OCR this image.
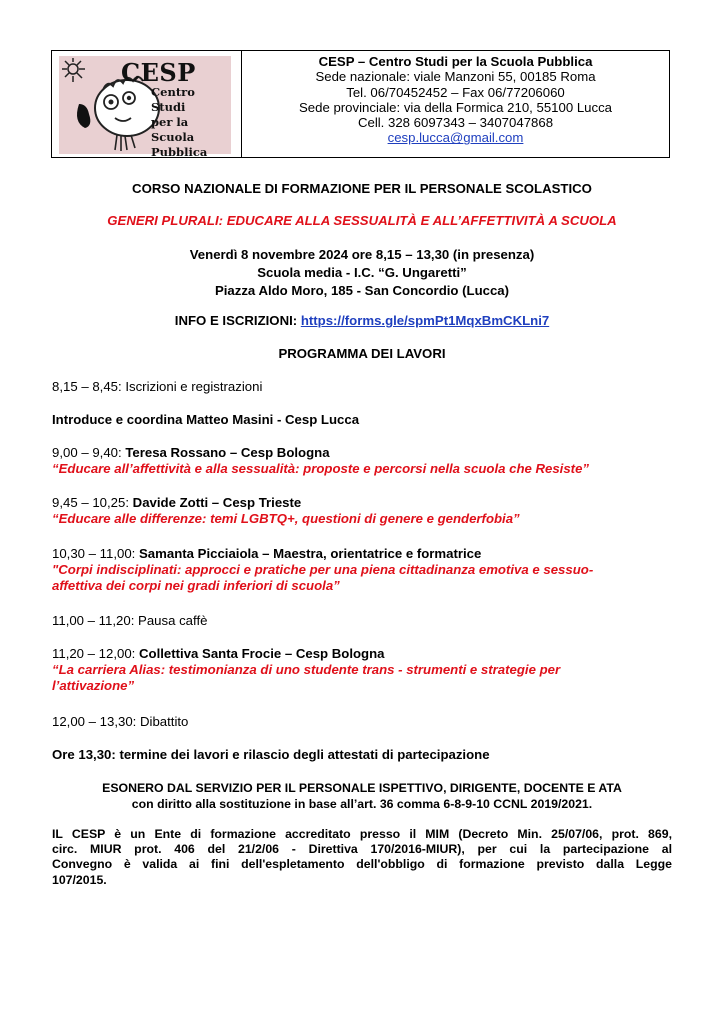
CESP
Centro Studi
per la
Scuola
Pubblica
CESP – Centro Studi per la Scuola Pubblica
Sede nazionale: viale Manzoni 55, 00185 Roma
Tel. 06/70452452 – Fax 06/77206060
Sede provinciale: via della Formica 210, 55100 Lucca
Cell. 328 6097343 – 3407047868
cesp.lucca@gmail.com
CORSO NAZIONALE DI FORMAZIONE PER IL PERSONALE SCOLASTICO
GENERI PLURALI: EDUCARE ALLA SESSUALITÀ E ALL’AFFETTIVITÀ A SCUOLA
Venerdì 8 novembre 2024 ore 8,15 – 13,30 (in presenza)
Scuola media - I.C. “G. Ungaretti”
Piazza Aldo Moro, 185 - San Concordio (Lucca)
INFO E ISCRIZIONI: https://forms.gle/spmPt1MqxBmCKLni7
PROGRAMMA DEI LAVORI
8,15 – 8,45: Iscrizioni e registrazioni
Introduce e coordina Matteo Masini - Cesp Lucca
9,00 – 9,40: Teresa Rossano – Cesp Bologna
“Educare all’affettività e alla sessualità: proposte e percorsi nella scuola che Resiste”
9,45 – 10,25: Davide Zotti – Cesp Trieste
“Educare alle differenze: temi LGBTQ+, questioni di genere e genderfobia”
10,30 – 11,00: Samanta Picciaiola – Maestra, orientatrice e formatrice
"Corpi indisciplinati: approcci e pratiche per una piena cittadinanza emotiva e sessuo-
affettiva dei corpi nei gradi inferiori di scuola”
11,00 – 11,20: Pausa caffè
11,20 – 12,00: Collettiva Santa Frocie – Cesp Bologna
“La carriera Alias: testimonianza di uno studente trans - strumenti e strategie per
l’attivazione”
12,00 – 13,30: Dibattito
Ore 13,30: termine dei lavori e rilascio degli attestati di partecipazione
ESONERO DAL SERVIZIO PER IL PERSONALE ISPETTIVO, DIRIGENTE, DOCENTE E ATA
con diritto alla sostituzione in base all’art. 36 comma 6-8-9-10 CCNL 2019/2021.
IL CESP è un Ente di formazione accreditato presso il MIM (Decreto Min. 25/07/06, prot. 869,
circ. MIUR prot. 406 del 21/2/06 - Direttiva 170/2016-MIUR), per cui la partecipazione al
Convegno è valida ai fini dell'espletamento dell'obbligo di formazione previsto dalla Legge
107/2015.
